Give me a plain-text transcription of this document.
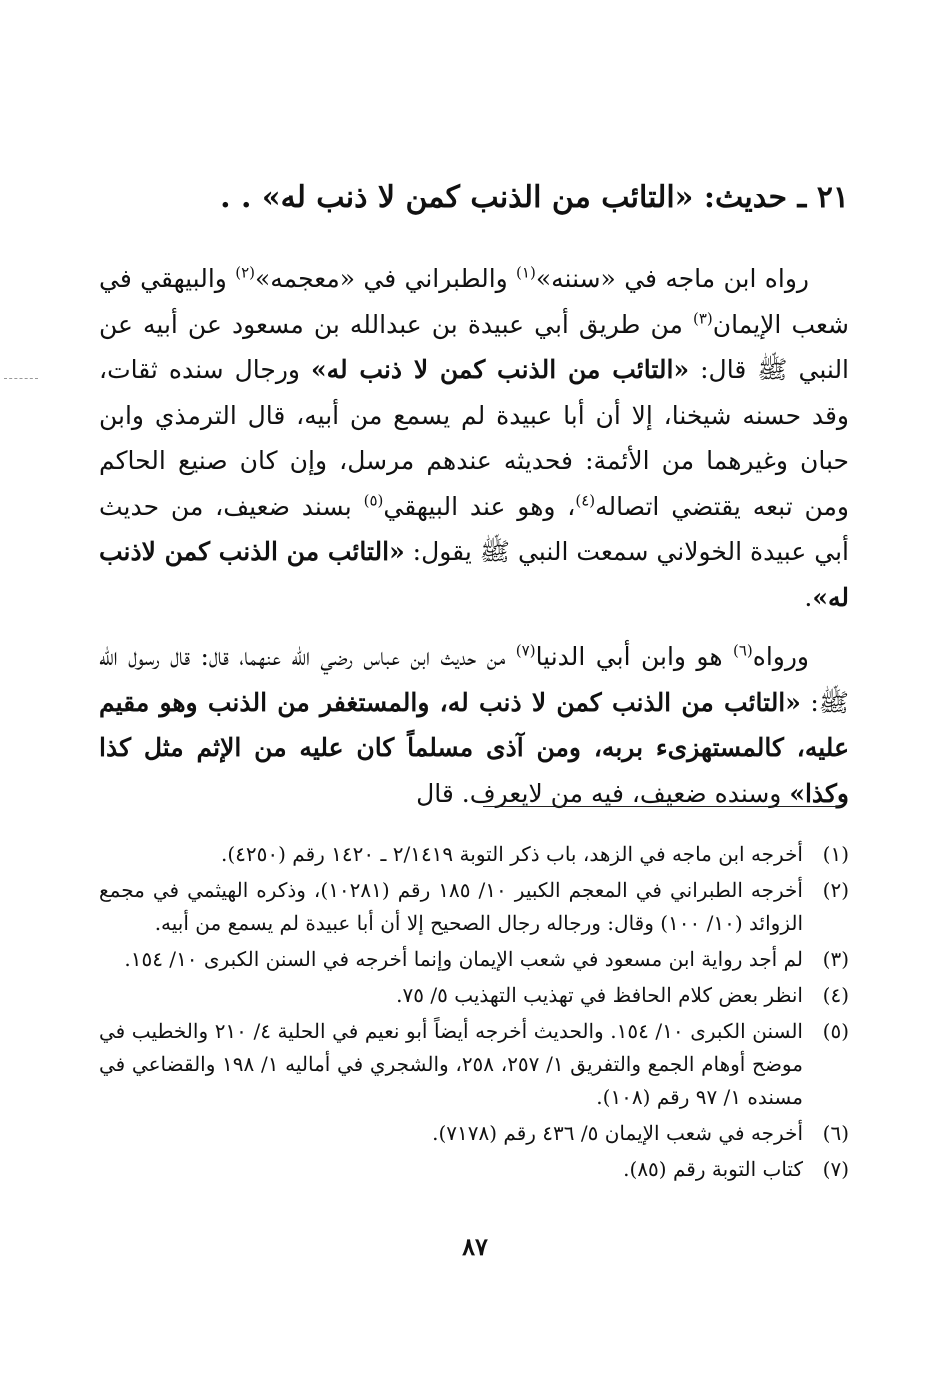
٢١ ـ حديث: «التائب من الذنب كمن لا ذنب له» . .

رواه ابن ماجه في «سننه»$^{(١)}$ والطبراني في «معجمه»$^{(٢)}$ والبيهقي في شعب الإيمان$^{(٣)}$ من طريق أبي عبيدة بن عبدالله بن مسعود عن أبيه عن النبي ﷺ قال: «التائب من الذنب كمن لا ذنب له» ورجال سنده ثقات، وقد حسنه شيخنا، إلا أن أبا عبيدة لم يسمع من أبيه، قال الترمذي وابن حبان وغيرهما من الأئمة: فحديثه عندهم مرسل، وإن كان صنيع الحاكم ومن تبعه يقتضي اتصاله$^{(٤)}$، وهو عند البيهقي$^{(٥)}$ بسند ضعيف، من حديث أبي عبيدة الخولاني سمعت النبي ﷺ يقول: «التائب من الذنب كمن لاذنب له».

ورواه$^{(٦)}$ هو وابن أبي الدنيا$^{(٧)}$ من حديث ابن عباس رضي الله عنهما، قال: قال رسول الله ﷺ: «التائب من الذنب كمن لا ذنب له، والمستغفر من الذنب وهو مقيم عليه، كالمستهزىء بربه، ومن آذى مسلماً كان عليه من الإثم مثل كذا وكذا» وسنده ضعيف، فيه من لايعرف. قال

(١)
أخرجه ابن ماجه في الزهد، باب ذكر التوبة ٢/١٤١٩ ـ ١٤٢٠ رقم (٤٢٥٠).
(٢)
أخرجه الطبراني في المعجم الكبير ١٠/ ١٨٥ رقم (١٠٢٨١)، وذكره الهيثمي في مجمع الزوائد (١٠/ ١٠٠) وقال: ورجاله رجال الصحيح إلا أن أبا عبيدة لم يسمع من أبيه.
(٣)
لم أجد رواية ابن مسعود في شعب الإيمان وإنما أخرجه في السنن الكبرى ١٠/ ١٥٤.
(٤)
انظر بعض كلام الحافظ في تهذيب التهذيب ٥/ ٧٥.
(٥)
السنن الكبرى ١٠/ ١٥٤. والحديث أخرجه أيضاً أبو نعيم في الحلية ٤/ ٢١٠ والخطيب في موضح أوهام الجمع والتفريق ١/ ٢٥٧، ٢٥٨، والشجري في أماليه ١/ ١٩٨ والقضاعي في مسنده ١/ ٩٧ رقم (١٠٨).
(٦)
أخرجه في شعب الإيمان ٥/ ٤٣٦ رقم (٧١٧٨).
(٧)
كتاب التوبة رقم (٨٥).
٨٧
